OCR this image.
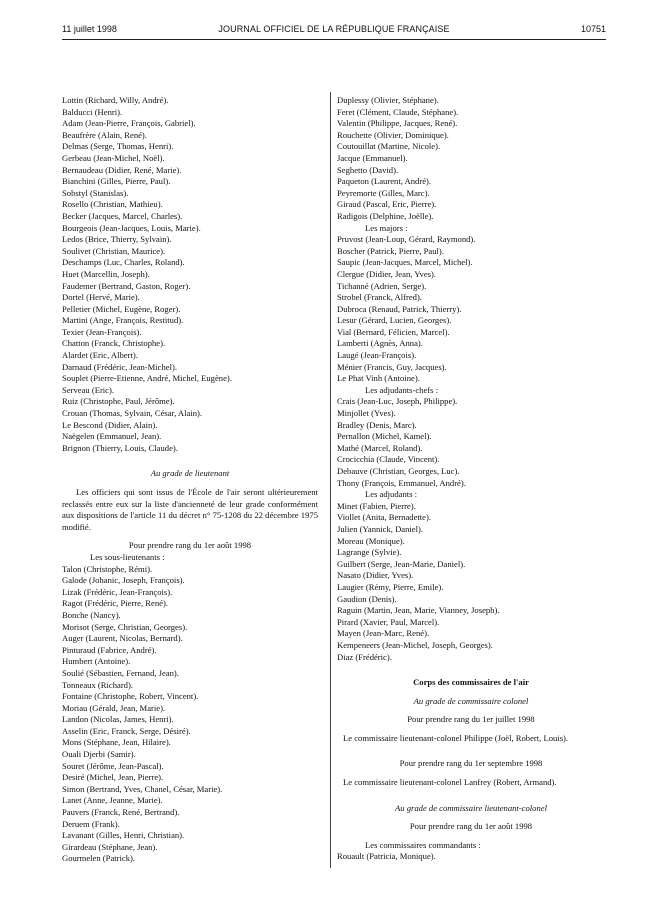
11 juillet 1998	JOURNAL OFFICIEL DE LA RÉPUBLIQUE FRANÇAISE	10751
Lottin (Richard, Willy, André).
Balducci (Henri).
Adam (Jean-Pierre, François, Gabriel).
Beaufrère (Alain, René).
Delmas (Serge, Thomas, Henri).
Gerbeau (Jean-Michel, Noël).
Bernaudeau (Didier, René, Marie).
Bianchini (Gilles, Pierre, Paul).
Sobstyl (Stanislas).
Rosello (Christian, Mathieu).
Becker (Jacques, Marcel, Charles).
Bourgeois (Jean-Jacques, Louis, Marie).
Ledos (Brice, Thierry, Sylvain).
Soulivet (Christian, Maurice).
Deschamps (Luc, Charles, Roland).
Huet (Marcellin, Joseph).
Faudemer (Bertrand, Gaston, Roger).
Dortel (Hervé, Marie).
Pelletier (Michel, Eugène, Roger).
Martini (Ange, François, Restitud).
Texier (Jean-François).
Chatton (Franck, Christophe).
Alardet (Eric, Albert).
Darnaud (Frédéric, Jean-Michel).
Souplet (Pierre-Etienne, André, Michel, Eugène).
Serveau (Eric).
Ruiz (Christophe, Paul, Jérôme).
Crouan (Thomas, Sylvain, César, Alain).
Le Bescond (Didier, Alain).
Naëgelen (Emmanuel, Jean).
Brignon (Thierry, Louis, Claude).
Au grade de lieutenant
Les officiers qui sont issus de l'École de l'air seront ultérieurement reclassés entre eux sur la liste d'ancienneté de leur grade conformément aux dispositions de l'article 11 du décret n° 75-1208 du 22 décembre 1975 modifié.
Pour prendre rang du 1er août 1998
Les sous-lieutenants :
Talon (Christophe, Rémi).
Galode (Johanic, Joseph, François).
Lizak (Frédéric, Jean-François).
Ragot (Frédéric, Pierre, René).
Bonche (Nancy).
Morisot (Serge, Christian, Georges).
Auger (Laurent, Nicolas, Bernard).
Pinturaud (Fabrice, André).
Humbert (Antoine).
Soulié (Sébastien, Fernand, Jean).
Tonneaux (Richard).
Fontaine (Christophe, Robert, Vincent).
Moriau (Gérald, Jean, Marie).
Landon (Nicolas, James, Henri).
Asselin (Eric, Franck, Serge, Désiré).
Mons (Stéphane, Jean, Hilaire).
Ouali Djerbi (Samir).
Souret (Jérôme, Jean-Pascal).
Desiré (Michel, Jean, Pierre).
Simon (Bertrand, Yves, Chanel, César, Marie).
Lanet (Anne, Jeanne, Marie).
Pauvers (Franck, René, Bertrand).
Deruem (Frank).
Lavanant (Gilles, Henri, Christian).
Girardeau (Stéphane, Jean).
Gourmelen (Patrick).
Duplessy (Olivier, Stéphane).
Feret (Clément, Claude, Stéphane).
Valentin (Philippe, Jacques, René).
Rouchette (Olivier, Dominique).
Coutouillat (Martine, Nicole).
Jacque (Emmanuel).
Seghetto (David).
Paqueton (Laurent, André).
Peyremorte (Gilles, Marc).
Giraud (Pascal, Eric, Pierre).
Radigois (Delphine, Joëlle).
Les majors :
Pruvost (Jean-Loup, Gérard, Raymond).
Boscher (Patrick, Pierre, Paul).
Saupic (Jean-Jacques, Marcel, Michel).
Clergue (Didier, Jean, Yves).
Tichanné (Adrien, Serge).
Strobel (Franck, Alfred).
Dubroca (Renaud, Patrick, Thierry).
Lesur (Gérard, Lucien, Georges).
Vial (Bernard, Félicien, Marcel).
Lamberti (Agnès, Anna).
Laugé (Jean-François).
Ménier (Francis, Guy, Jacques).
Le Phat Vinh (Antoine).
Les adjudants-chefs :
Crais (Jean-Luc, Joseph, Philippe).
Minjollet (Yves).
Bradley (Denis, Marc).
Pernallon (Michel, Kamel).
Mathé (Marcel, Roland).
Crocicchia (Claude, Vincent).
Debauve (Christian, Georges, Luc).
Thony (François, Emmanuel, André).
Les adjudants :
Minet (Fabien, Pierre).
Viollet (Anita, Bernadette).
Julien (Yannick, Daniel).
Moreau (Monique).
Lagrange (Sylvie).
Guilbert (Serge, Jean-Marie, Daniel).
Nasato (Didier, Yves).
Laugier (Rémy, Pierre, Emile).
Gaudion (Denis).
Raguin (Martin, Jean, Marie, Vianney, Joseph).
Pirard (Xavier, Paul, Marcel).
Mayen (Jean-Marc, René).
Kempeneers (Jean-Michel, Joseph, Georges).
Diaz (Frédéric).
Corps des commissaires de l'air
Au grade de commissaire colonel
Pour prendre rang du 1er juillet 1998
Le commissaire lieutenant-colonel Philippe (Joël, Robert, Louis).
Pour prendre rang du 1er septembre 1998
Le commissaire lieutenant-colonel Lanfrey (Robert, Armand).
Au grade de commissaire lieutenant-colonel
Pour prendre rang du 1er août 1998
Les commissaires commandants :
Rouault (Patricia, Monique).
